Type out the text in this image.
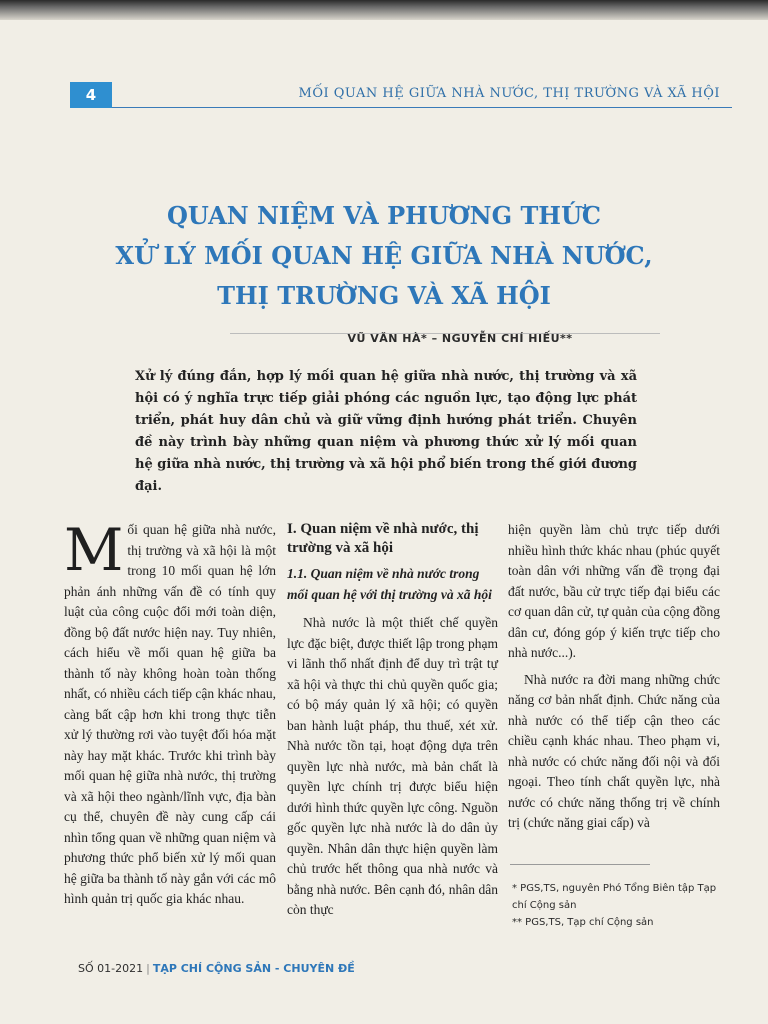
4	MỐI QUAN HỆ GIỮA NHÀ NƯỚC, THỊ TRƯỜNG VÀ XÃ HỘI
QUAN NIỆM VÀ PHƯƠNG THỨC
XỬ LÝ MỐI QUAN HỆ GIỮA NHÀ NƯỚC,
THỊ TRƯỜNG VÀ XÃ HỘI
VŨ VĂN HÀ* – NGUYỄN CHÍ HIẾU**

Xử lý đúng đắn, hợp lý mối quan hệ giữa nhà nước, thị trường và xã hội có ý nghĩa trực tiếp giải phóng các nguồn lực, tạo động lực phát triển, phát huy dân chủ và giữ vững định hướng phát triển. Chuyên đề này trình bày những quan niệm và phương thức xử lý mối quan hệ giữa nhà nước, thị trường và xã hội phổ biến trong thế giới đương đại.

M ối quan hệ giữa nhà nước, thị trường và xã hội là một trong 10 mối quan hệ lớn phản ánh những vấn đề có tính quy luật của công cuộc đổi mới toàn diện, đồng bộ đất nước hiện nay. Tuy nhiên, cách hiểu về mối quan hệ giữa ba thành tố này không hoàn toàn thống nhất, có nhiều cách tiếp cận khác nhau, càng bất cập hơn khi trong thực tiễn xử lý thường rơi vào tuyệt đối hóa mặt này hay mặt khác. Trước khi trình bày mối quan hệ giữa nhà nước, thị trường và xã hội theo ngành/lĩnh vực, địa bàn cụ thể, chuyên đề này cung cấp cái nhìn tổng quan về những quan niệm và phương thức phổ biến xử lý mối quan hệ giữa ba thành tố này gắn với các mô hình quản trị quốc gia khác nhau.

I. Quan niệm về nhà nước, thị trường và xã hội
1.1. Quan niệm về nhà nước trong mối quan hệ với thị trường và xã hội

Nhà nước là một thiết chế quyền lực đặc biệt, được thiết lập trong phạm vi lãnh thổ nhất định để duy trì trật tự xã hội và thực thi chủ quyền quốc gia; có bộ máy quản lý xã hội; có quyền ban hành luật pháp, thu thuế, xét xử. Nhà nước tồn tại, hoạt động dựa trên quyền lực nhà nước, mà bản chất là quyền lực chính trị được biểu hiện dưới hình thức quyền lực công. Nguồn gốc quyền lực nhà nước là do dân ủy quyền. Nhân dân thực hiện quyền làm chủ trước hết thông qua nhà nước và bằng nhà nước. Bên cạnh đó, nhân dân còn thực

hiện quyền làm chủ trực tiếp dưới nhiều hình thức khác nhau (phúc quyết toàn dân với những vấn đề trọng đại đất nước, bầu cử trực tiếp đại biểu các cơ quan dân cử, tự quản của cộng đồng dân cư, đóng góp ý kiến trực tiếp cho nhà nước...).

Nhà nước ra đời mang những chức năng cơ bản nhất định. Chức năng của nhà nước có thể tiếp cận theo các chiều cạnh khác nhau. Theo phạm vi, nhà nước có chức năng đối nội và đối ngoại. Theo tính chất quyền lực, nhà nước có chức năng thống trị về chính trị (chức năng giai cấp) và

* PGS,TS, nguyên Phó Tổng Biên tập Tạp chí Cộng sản
** PGS,TS, Tạp chí Cộng sản
SỐ 01-2021 | TẠP CHÍ CỘNG SẢN - CHUYÊN ĐỀ
